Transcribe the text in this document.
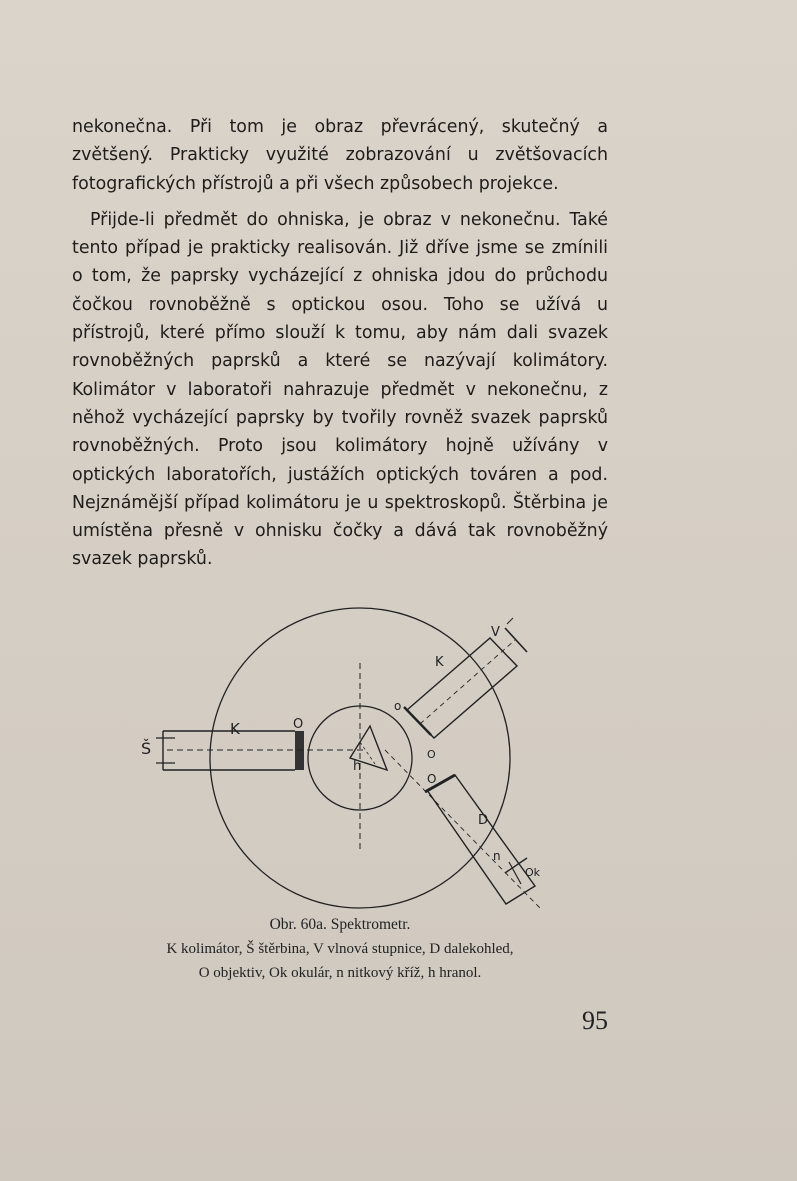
nekonečna. Při tom je obraz převrácený, skutečný a zvětšený. Prakticky využité zobrazování u zvětšovacích fotografických přístrojů a při všech způsobech projekce.

Přijde-li předmět do ohniska, je obraz v nekonečnu. Také tento případ je prakticky realisován. Již dříve jsme se zmínili o tom, že paprsky vycházející z ohniska jdou do průchodu čočkou rovnoběžně s optickou osou. Toho se užívá u přístrojů, které přímo slouží k tomu, aby nám dali svazek rovnoběžných paprsků a které se nazývají kolimátory. Kolimátor v laboratoři nahrazuje předmět v nekonečnu, z něhož vycházející paprsky by tvořily rovněž svazek paprsků rovnoběžných. Proto jsou kolimátory hojně užívány v optických laboratořích, justážích optických továren a pod. Nejznámější případ kolimátoru je u spektroskopů. Štěrbina je umístěna přesně v ohnisku čočky a dává tak rovnoběžný svazek paprsků.

Š
K	O
h
K
V
o
O
O
D
n
Ok
Obr. 60a. Spektrometr.
K kolimátor, Š štěrbina, V vlnová stupnice, D dalekohled,
O objektiv, Ok okulár, n nitkový kříž, h hranol.
95
